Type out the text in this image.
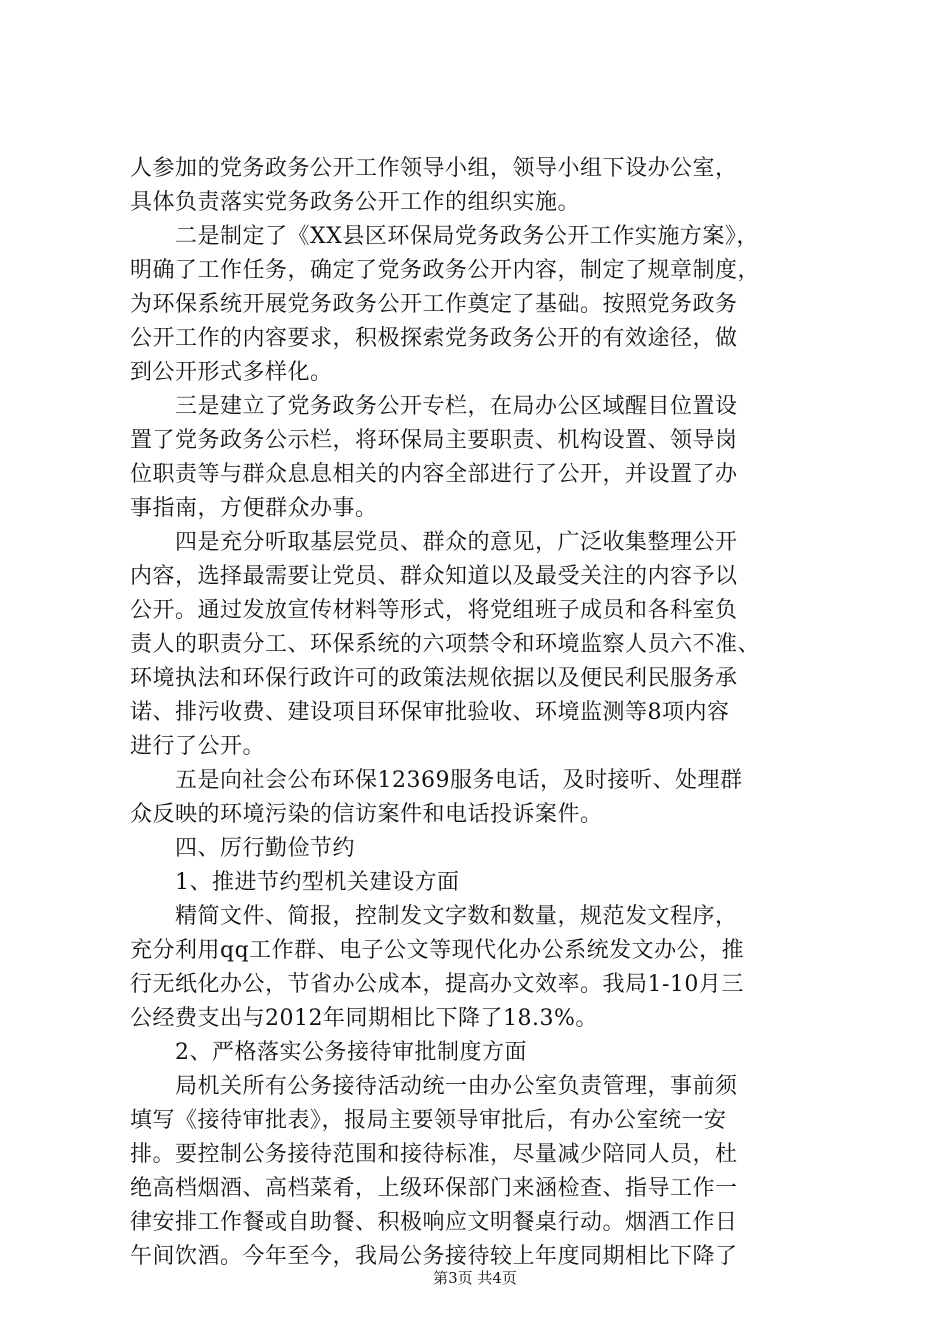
人参加的党务政务公开工作领导小组，领导小组下设办公室，
具体负责落实党务政务公开工作的组织实施。
　　二是制定了《XX县区环保局党务政务公开工作实施方案》，
明确了工作任务，确定了党务政务公开内容，制定了规章制度，
为环保系统开展党务政务公开工作奠定了基础。按照党务政务
公开工作的内容要求，积极探索党务政务公开的有效途径，做
到公开形式多样化。
　　三是建立了党务政务公开专栏，在局办公区域醒目位置设
置了党务政务公示栏，将环保局主要职责、机构设置、领导岗
位职责等与群众息息相关的内容全部进行了公开，并设置了办
事指南，方便群众办事。
　　四是充分听取基层党员、群众的意见，广泛收集整理公开
内容，选择最需要让党员、群众知道以及最受关注的内容予以
公开。通过发放宣传材料等形式，将党组班子成员和各科室负
责人的职责分工、环保系统的六项禁令和环境监察人员六不准、
环境执法和环保行政许可的政策法规依据以及便民利民服务承
诺、排污收费、建设项目环保审批验收、环境监测等8项内容
进行了公开。
　　五是向社会公布环保12369服务电话，及时接听、处理群
众反映的环境污染的信访案件和电话投诉案件。
　　四、厉行勤俭节约
　　1、推进节约型机关建设方面
　　精简文件、简报，控制发文字数和数量，规范发文程序，
充分利用qq工作群、电子公文等现代化办公系统发文办公，推
行无纸化办公，节省办公成本，提高办文效率。我局1-10月三
公经费支出与2012年同期相比下降了18.3%。
　　2、严格落实公务接待审批制度方面
　　局机关所有公务接待活动统一由办公室负责管理，事前须
填写《接待审批表》，报局主要领导审批后，有办公室统一安
排。要控制公务接待范围和接待标准，尽量减少陪同人员，杜
绝高档烟酒、高档菜肴，上级环保部门来涵检查、指导工作一
律安排工作餐或自助餐、积极响应文明餐桌行动。烟酒工作日
午间饮酒。今年至今，我局公务接待较上年度同期相比下降了
第3页 共4页
